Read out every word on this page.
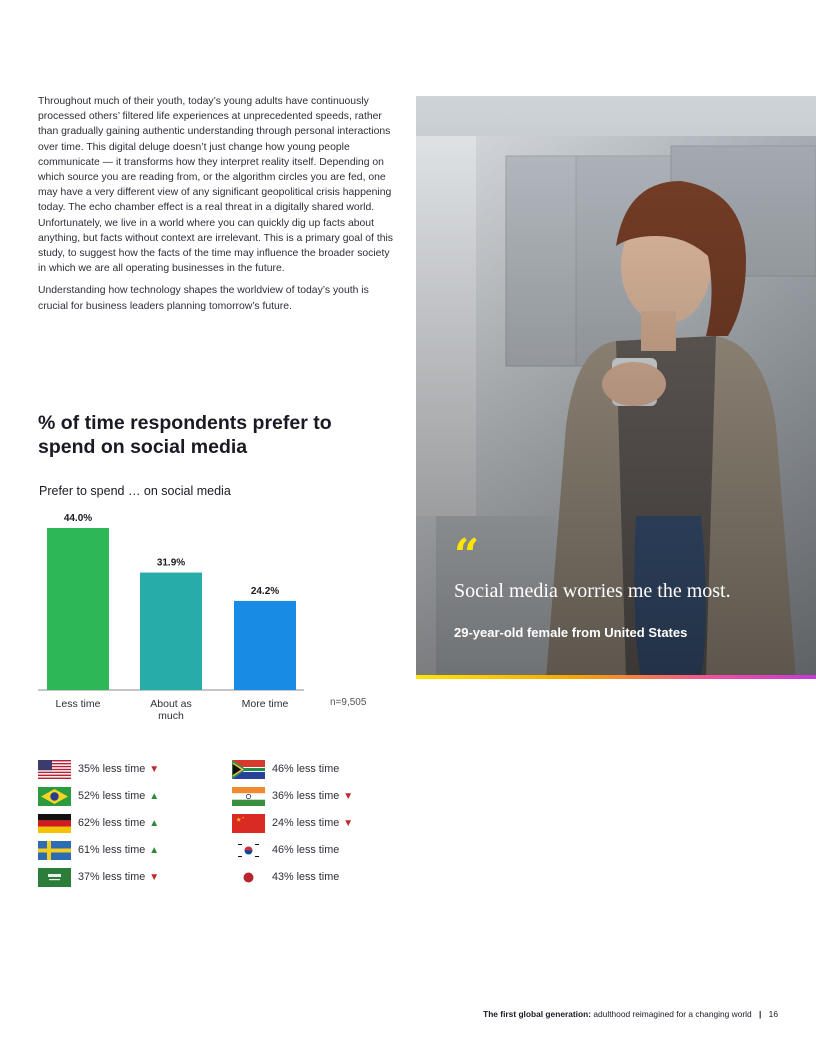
Throughout much of their youth, today’s young adults have continuously processed others’ filtered life experiences at unprecedented speeds, rather than gradually gaining authentic understanding through personal interactions over time. This digital deluge doesn’t just change how young people communicate — it transforms how they interpret reality itself. Depending on which source you are reading from, or the algorithm circles you are fed, one may have a very different view of any significant geopolitical crisis happening today. The echo chamber effect is a real threat in a digitally shared world. Unfortunately, we live in a world where you can quickly dig up facts about anything, but facts without context are irrelevant. This is a primary goal of this study, to suggest how the facts of the time may influence the broader society in which we are all operating businesses in the future.

Understanding how technology shapes the worldview of today’s youth is crucial for business leaders planning tomorrow’s future.

% of time respondents prefer to spend on social media
Prefer to spend … on social media
44.0%
Less time
31.9%
About as
much
24.2%
More time	n=9,505
35% less time ▼
52% less time ▲
62% less time ▲
61% less time ▲
37% less time ▼
46% less time
36% less time ▼
★ ★	24% less time ▼
46% less time
43% less time
“
Social media worries me the most.
29-year-old female from United States
The first global generation: adulthood reimagined for a changing world | 16
